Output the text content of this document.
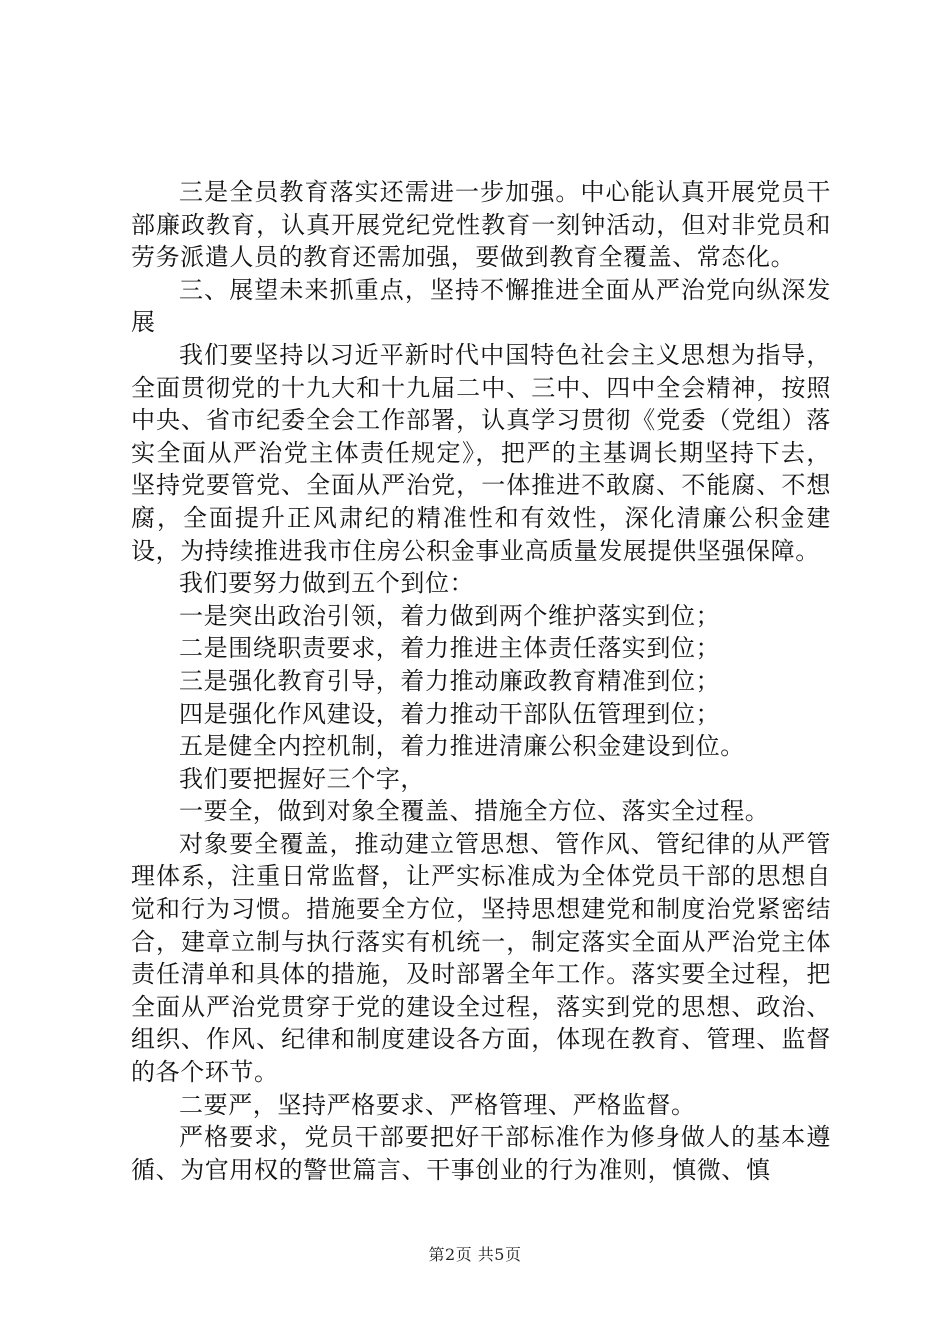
三是全员教育落实还需进一步加强。中心能认真开展党员干部廉政教育，认真开展党纪党性教育一刻钟活动，但对非党员和劳务派遣人员的教育还需加强，要做到教育全覆盖、常态化。

三、展望未来抓重点，坚持不懈推进全面从严治党向纵深发展

我们要坚持以习近平新时代中国特色社会主义思想为指导，全面贯彻党的十九大和十九届二中、三中、四中全会精神，按照中央、省市纪委全会工作部署，认真学习贯彻《党委（党组）落实全面从严治党主体责任规定》，把严的主基调长期坚持下去，坚持党要管党、全面从严治党，一体推进不敢腐、不能腐、不想腐，全面提升正风肃纪的精准性和有效性，深化清廉公积金建设，为持续推进我市住房公积金事业高质量发展提供坚强保障。

我们要努力做到五个到位：

一是突出政治引领，着力做到两个维护落实到位；

二是围绕职责要求，着力推进主体责任落实到位；

三是强化教育引导，着力推动廉政教育精准到位；

四是强化作风建设，着力推动干部队伍管理到位；

五是健全内控机制，着力推进清廉公积金建设到位。

我们要把握好三个字，

一要全，做到对象全覆盖、措施全方位、落实全过程。

对象要全覆盖，推动建立管思想、管作风、管纪律的从严管理体系，注重日常监督，让严实标准成为全体党员干部的思想自觉和行为习惯。措施要全方位，坚持思想建党和制度治党紧密结合，建章立制与执行落实有机统一，制定落实全面从严治党主体责任清单和具体的措施，及时部署全年工作。落实要全过程，把全面从严治党贯穿于党的建设全过程，落实到党的思想、政治、组织、作风、纪律和制度建设各方面，体现在教育、管理、监督的各个环节。

二要严，坚持严格要求、严格管理、严格监督。

严格要求，党员干部要把好干部标准作为修身做人的基本遵循、为官用权的警世篇言、干事创业的行为准则，慎微、慎

第2页 共5页
